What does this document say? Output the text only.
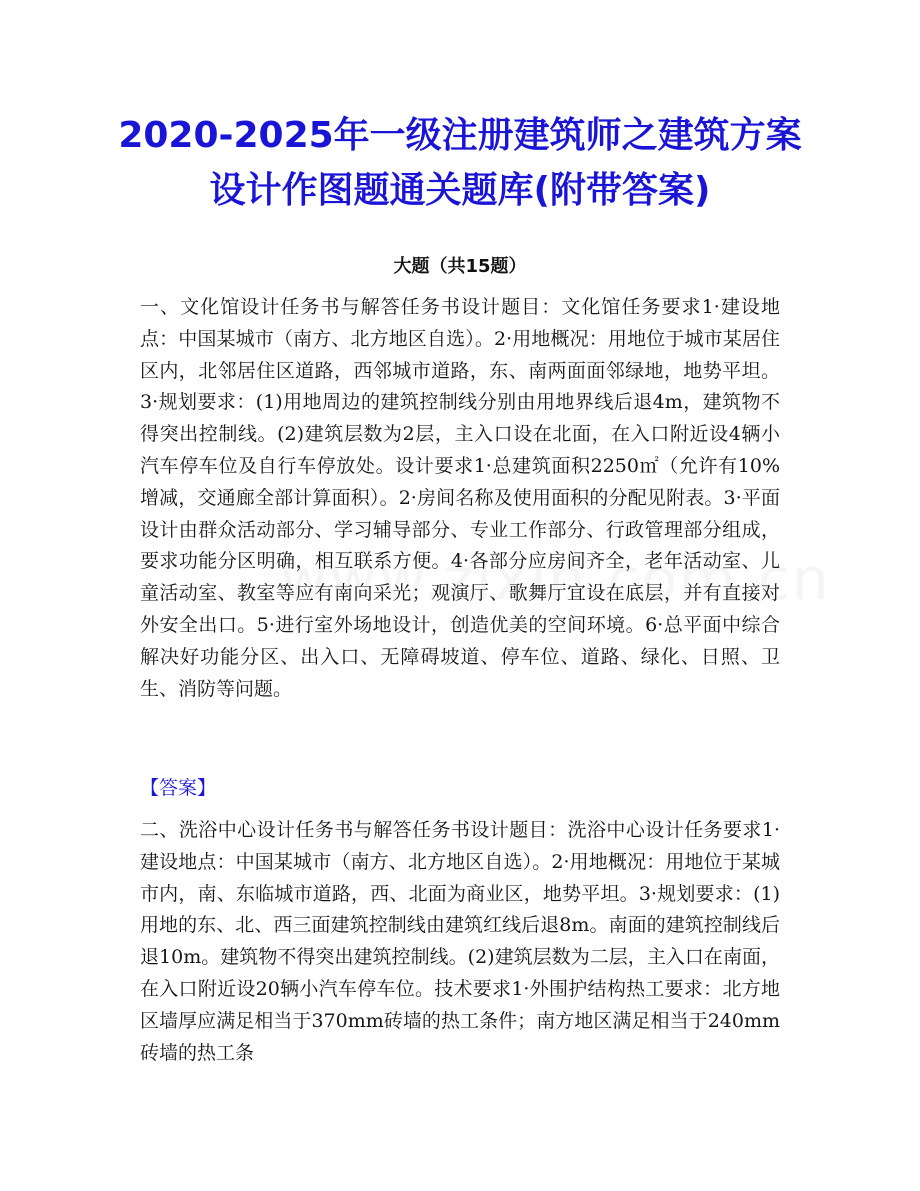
2020-2025年一级注册建筑师之建筑方案
设计作图题通关题库(附带答案)
大题（共15题）

一、文化馆设计任务书与解答任务书设计题目：文化馆任务要求1·建设地点：中国某城市（南方、北方地区自选）。2·用地概况：用地位于城市某居住区内，北邻居住区道路，西邻城市道路，东、南两面面邻绿地，地势平坦。3·规划要求：(1)用地周边的建筑控制线分别由用地界线后退4m，建筑物不得突出控制线。(2)建筑层数为2层，主入口设在北面，在入口附近设4辆小汽车停车位及自行车停放处。设计要求1·总建筑面积2250㎡（允许有10%增减，交通廊全部计算面积）。2·房间名称及使用面积的分配见附表。3·平面设计由群众活动部分、学习辅导部分、专业工作部分、行政管理部分组成，要求功能分区明确，相互联系方便。4·各部分应房间齐全，老年活动室、儿童活动室、教室等应有南向采光；观演厅、歌舞厅宜设在底层，并有直接对外安全出口。5·进行室外场地设计，创造优美的空间环境。6·总平面中综合解决好功能分区、出入口、无障碍坡道、停车位、道路、绿化、日照、卫生、消防等问题。

【答案】

二、洗浴中心设计任务书与解答任务书设计题目：洗浴中心设计任务要求1·建设地点：中国某城市（南方、北方地区自选）。2·用地概况：用地位于某城市内，南、东临城市道路，西、北面为商业区，地势平坦。3·规划要求：(1)用地的东、北、西三面建筑控制线由建筑红线后退8m。南面的建筑控制线后退10m。建筑物不得突出建筑控制线。(2)建筑层数为二层，主入口在南面，在入口附近设20辆小汽车停车位。技术要求1·外围护结构热工要求：北方地区墙厚应满足相当于370mm砖墙的热工条件；南方地区满足相当于240mm砖墙的热工条
